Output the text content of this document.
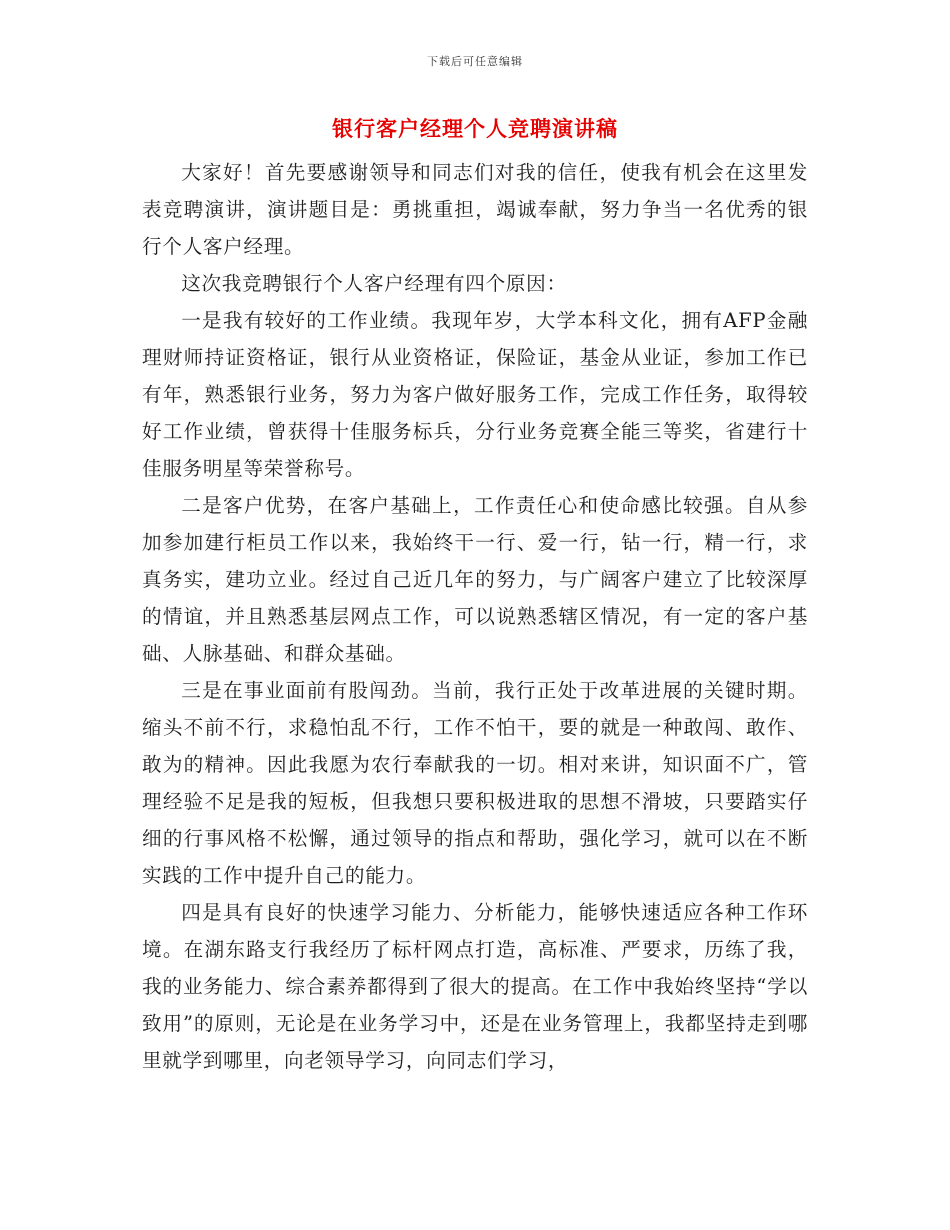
下载后可任意编辑
银行客户经理个人竞聘演讲稿

大家好！首先要感谢领导和同志们对我的信任，使我有机会在这里发表竞聘演讲，演讲题目是：勇挑重担，竭诚奉献，努力争当一名优秀的银行个人客户经理。

这次我竞聘银行个人客户经理有四个原因：

一是我有较好的工作业绩。我现年岁，大学本科文化，拥有AFP金融理财师持证资格证，银行从业资格证，保险证，基金从业证，参加工作已有年，熟悉银行业务，努力为客户做好服务工作，完成工作任务，取得较好工作业绩，曾获得十佳服务标兵，分行业务竞赛全能三等奖，省建行十佳服务明星等荣誉称号。

二是客户优势，在客户基础上，工作责任心和使命感比较强。自从参加参加建行柜员工作以来，我始终干一行、爱一行，钻一行，精一行，求真务实，建功立业。经过自己近几年的努力，与广阔客户建立了比较深厚的情谊，并且熟悉基层网点工作，可以说熟悉辖区情况，有一定的客户基础、人脉基础、和群众基础。

三是在事业面前有股闯劲。当前，我行正处于改革进展的关键时期。缩头不前不行，求稳怕乱不行，工作不怕干，要的就是一种敢闯、敢作、敢为的精神。因此我愿为农行奉献我的一切。相对来讲，知识面不广，管理经验不足是我的短板，但我想只要积极进取的思想不滑坡，只要踏实仔细的行事风格不松懈，通过领导的指点和帮助，强化学习，就可以在不断实践的工作中提升自己的能力。

四是具有良好的快速学习能力、分析能力，能够快速适应各种工作环境。在湖东路支行我经历了标杆网点打造，高标准、严要求，历练了我，我的业务能力、综合素养都得到了很大的提高。在工作中我始终坚持“学以致用”的原则，无论是在业务学习中，还是在业务管理上，我都坚持走到哪里就学到哪里，向老领导学习，向同志们学习，
